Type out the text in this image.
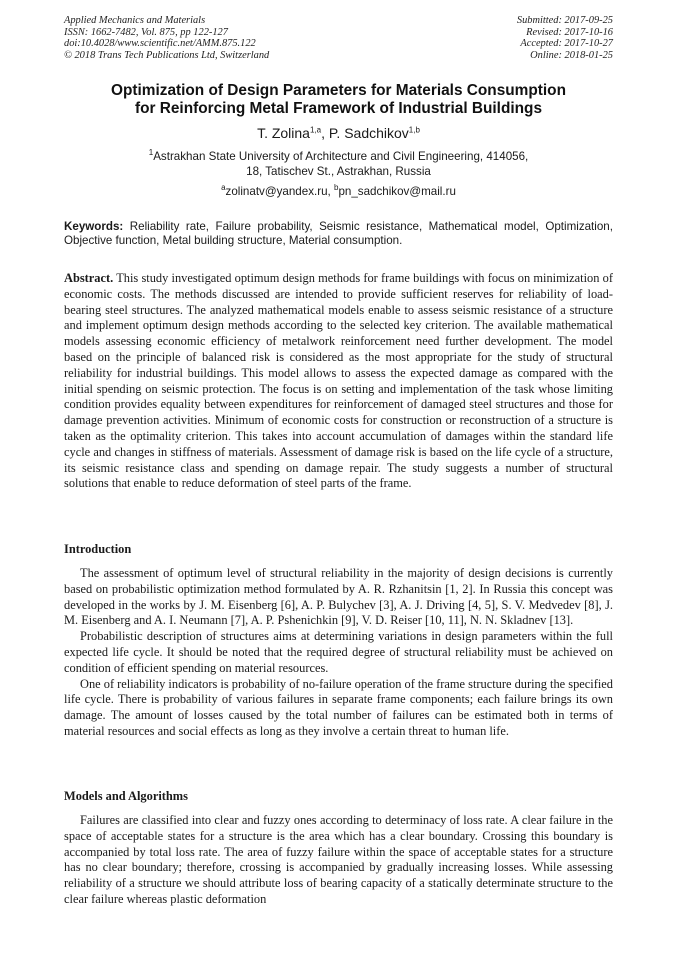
Applied Mechanics and Materials
ISSN: 1662-7482, Vol. 875, pp 122-127
doi:10.4028/www.scientific.net/AMM.875.122
© 2018 Trans Tech Publications Ltd, Switzerland
Submitted: 2017-09-25
Revised: 2017-10-16
Accepted: 2017-10-27
Online: 2018-01-25
Optimization of Design Parameters for Materials Consumption
for Reinforcing Metal Framework of Industrial Buildings
T. Zolina$^{1,a}$, P. Sadchikov$^{1,b}$
$^1$Astrakhan State University of Architecture and Civil Engineering, 414056,
18, Tatischev St., Astrakhan, Russia
$^a$zolinatv@yandex.ru, $^b$pn_sadchikov@mail.ru
Keywords: Reliability rate, Failure probability, Seismic resistance, Mathematical model, Optimization, Objective function, Metal building structure, Material consumption.

Abstract. This study investigated optimum design methods for frame buildings with focus on minimization of economic costs. The methods discussed are intended to provide sufficient reserves for reliability of load-bearing steel structures. The analyzed mathematical models enable to assess seismic resistance of a structure and implement optimum design methods according to the selected key criterion. The available mathematical models assessing economic efficiency of metalwork reinforcement need further development. The model based on the principle of balanced risk is considered as the most appropriate for the study of structural reliability for industrial buildings. This model allows to assess the expected damage as compared with the initial spending on seismic protection. The focus is on setting and implementation of the task whose limiting condition provides equality between expenditures for reinforcement of damaged steel structures and those for damage prevention activities. Minimum of economic costs for construction or reconstruction of a structure is taken as the optimality criterion. This takes into account accumulation of damages within the standard life cycle and changes in stiffness of materials. Assessment of damage risk is based on the life cycle of a structure, its seismic resistance class and spending on damage repair. The study suggests a number of structural solutions that enable to reduce deformation of steel parts of the frame.

Introduction

The assessment of optimum level of structural reliability in the majority of design decisions is currently based on probabilistic optimization method formulated by A. R. Rzhanitsin [1, 2]. In Russia this concept was developed in the works by J. M. Eisenberg [6], A. P. Bulychev [3], A. J. Driving [4, 5], S. V. Medvedev [8], J. M. Eisenberg and A. I. Neumann [7], A. P. Pshenichkin [9], V. D. Reiser [10, 11], N. N. Skladnev [13].

Probabilistic description of structures aims at determining variations in design parameters within the full expected life cycle. It should be noted that the required degree of structural reliability must be achieved on condition of efficient spending on material resources.

One of reliability indicators is probability of no-failure operation of the frame structure during the specified life cycle. There is probability of various failures in separate frame components; each failure brings its own damage. The amount of losses caused by the total number of failures can be estimated both in terms of material resources and social effects as long as they involve a certain threat to human life.

Models and Algorithms

Failures are classified into clear and fuzzy ones according to determinacy of loss rate. A clear failure in the space of acceptable states for a structure is the area which has a clear boundary. Crossing this boundary is accompanied by total loss rate. The area of fuzzy failure within the space of acceptable states for a structure has no clear boundary; therefore, crossing is accompanied by gradually increasing losses. While assessing reliability of a structure we should attribute loss of bearing capacity of a statically determinate structure to the clear failure whereas plastic deformation
